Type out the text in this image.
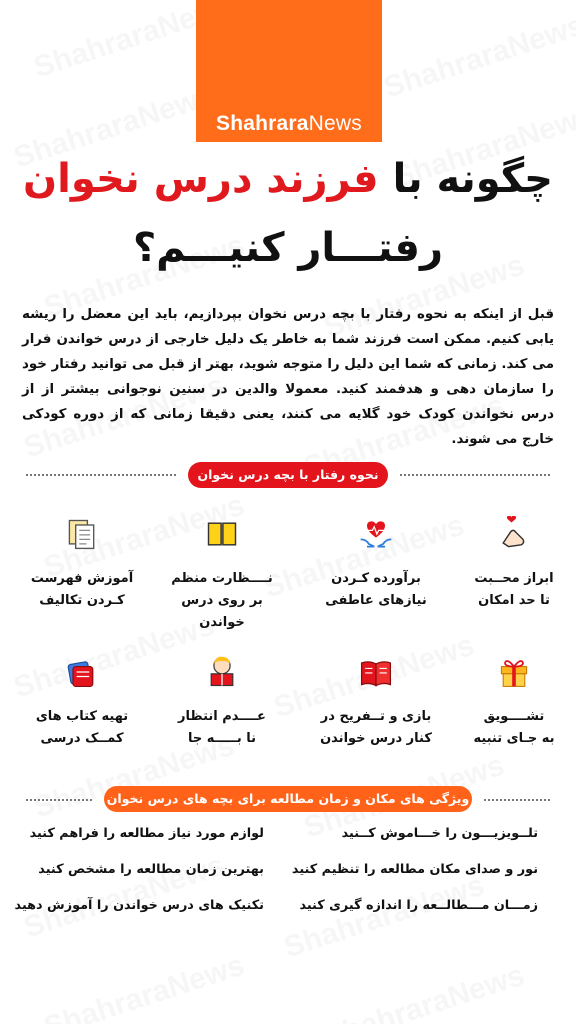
ShahraraNews
چگونه با فرزند درس نخوان
رفتـــار کنیـــم؟
قبل از اینکه به نحوه رفتار با بچه درس نخوان بپردازیم، باید این معضل را ریشه یابی کنیم. ممکن است فرزند شما به خاطر یک دلیل خارجی از درس خواندن فرار می کند. زمانی که شما این دلیل را متوجه شوید، بهتر از قبل می توانید رفتار خود را سازمان دهی و هدفمند کنید. معمولا والدین در سنین نوجوانی بیشتر از از درس نخواندن کودک خود گلایه می کنند، یعنی دقیقا زمانی که از دوره کودکی خارج می شوند.
نحوه رفتار با بچه درس نخوان
ابراز محــبت
تا حد امکان
برآورده کـردن
نیازهای عاطفی
نــــظارت منظم
بر روی درس خواندن
آموزش فهرست
کـردن تکالیف
تشــــویق
به جـای تنبیه
بازی و تــفریح در
کنار درس خواندن
عــــدم انتظار
نا بـــــه جا
تهیه کتاب های
کمــک درسی
ویژگی های مکان و زمان مطالعه برای بچه های درس نخوان
تلــویزیـــون را خـــاموش کــنید
لوازم مورد نیاز مطالعه را فراهم کنید
نور و صدای مکان مطالعه را تنظیم کنید
بهترین زمان مطالعه را مشخص کنید
زمـــان مـــطالــعه را اندازه گیری کنید
تکنیک های درس خواندن را آموزش دهید
